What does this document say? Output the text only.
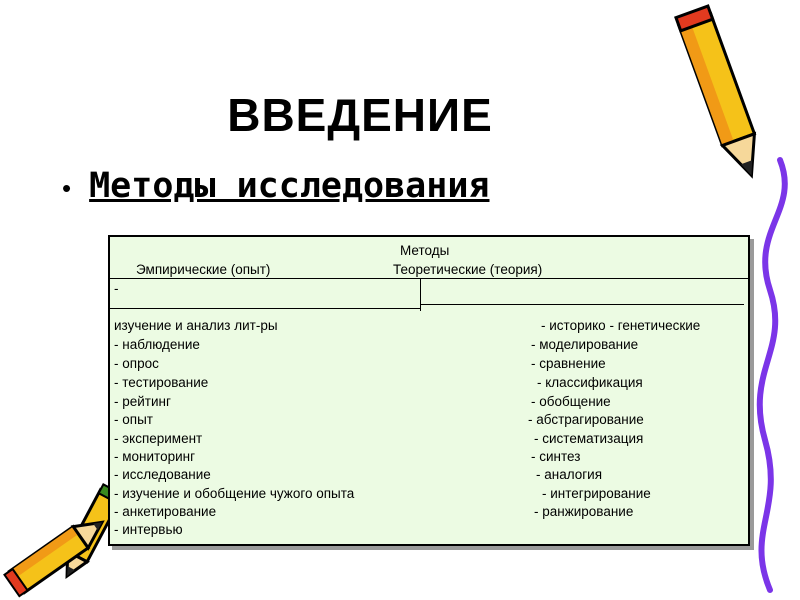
ВВЕДЕНИЕ
• Методы исследования
Методы
Эмпирические (опыт)	Теоретические (теория)
-
изучение и анализ лит-ры
- наблюдение
- опрос
- тестирование
- рейтинг
- опыт
- эксперимент
- мониторинг
- исследование
- изучение и обобщение чужого опыта
- анкетирование
- интервью
- историко - генетические
- моделирование
- сравнение
- классификация
- обобщение
- абстрагирование
- систематизация
- синтез
- аналогия
- интегрирование
- ранжирование
